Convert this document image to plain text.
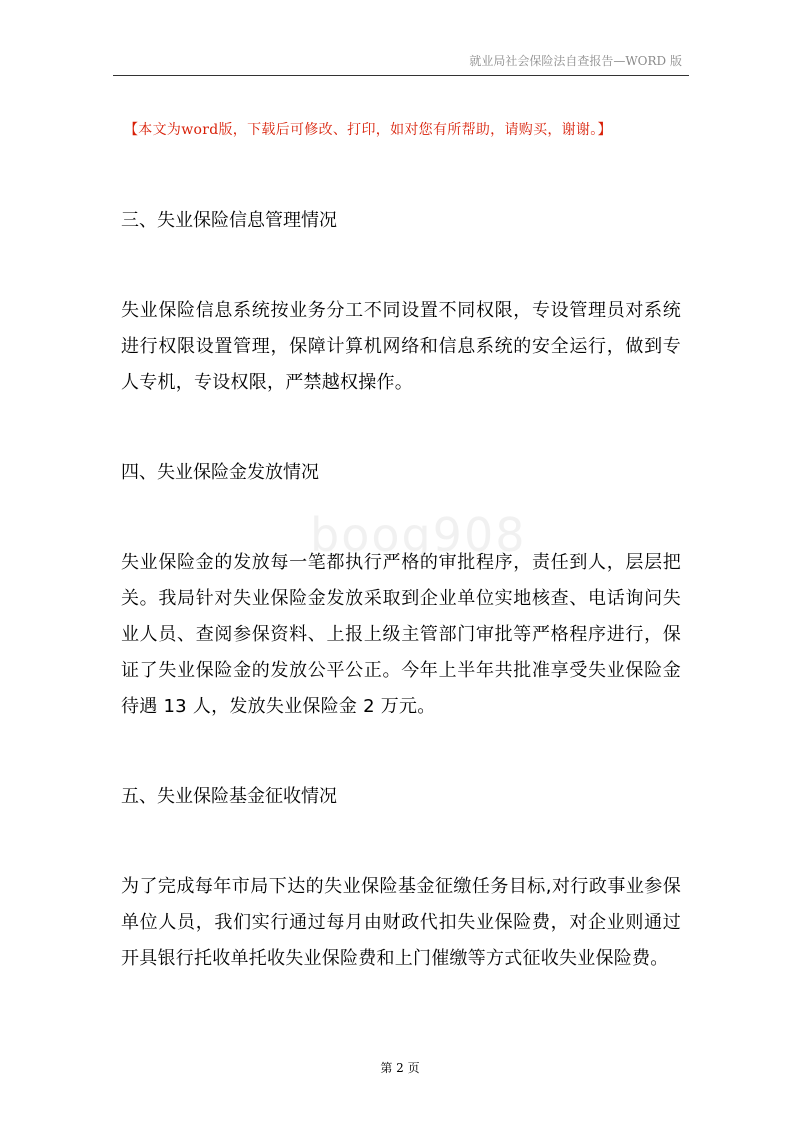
就业局社会保险法自查报告—WORD 版
【本文为word版，下载后可修改、打印，如对您有所帮助，请购买，谢谢。】
boog908

三、失业保险信息管理情况

失业保险信息系统按业务分工不同设置不同权限，专设管理员对系统进行权限设置管理，保障计算机网络和信息系统的安全运行，做到专人专机，专设权限，严禁越权操作。

四、失业保险金发放情况

失业保险金的发放每一笔都执行严格的审批程序，责任到人，层层把关。我局针对失业保险金发放采取到企业单位实地核查、电话询问失业人员、查阅参保资料、上报上级主管部门审批等严格程序进行，保证了失业保险金的发放公平公正。今年上半年共批准享受失业保险金待遇 13 人，发放失业保险金 2 万元。

五、失业保险基金征收情况

为了完成每年市局下达的失业保险基金征缴任务目标,对行政事业参保单位人员，我们实行通过每月由财政代扣失业保险费，对企业则通过开具银行托收单托收失业保险费和上门催缴等方式征收失业保险费。

第 2 页
